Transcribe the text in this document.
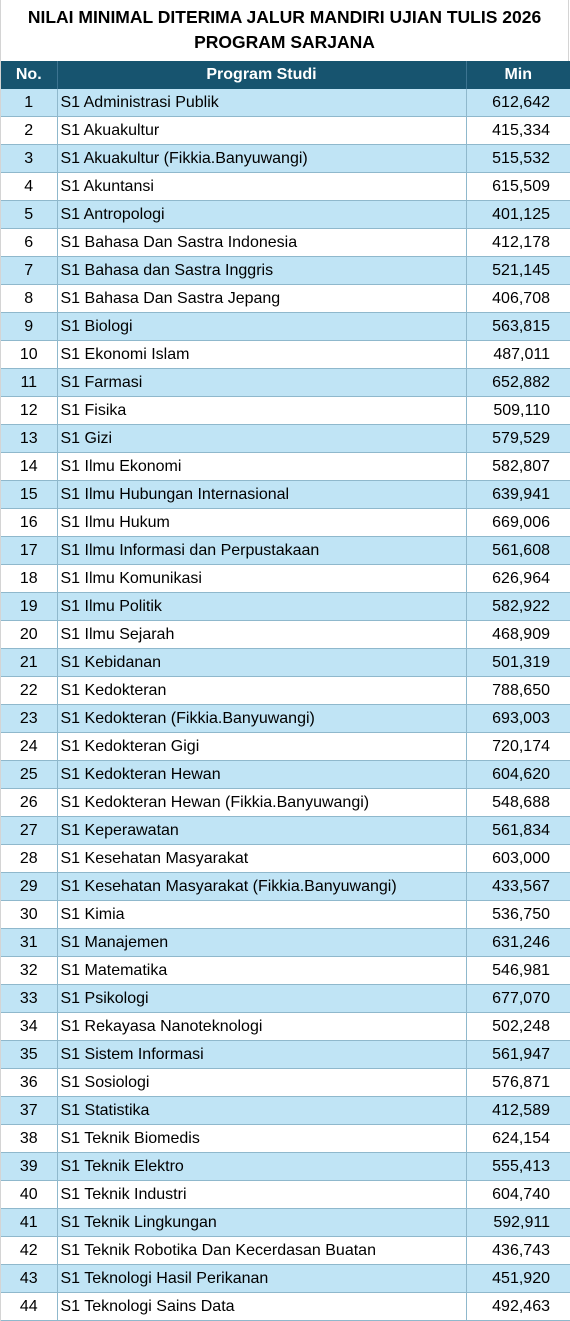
NILAI MINIMAL DITERIMA JALUR MANDIRI UJIAN TULIS 2026
PROGRAM SARJANA
No.	Program Studi	Min
1	S1 Administrasi Publik	612,642
2	S1 Akuakultur	415,334
3	S1 Akuakultur (Fikkia.Banyuwangi)	515,532
4	S1 Akuntansi	615,509
5	S1 Antropologi	401,125
6	S1 Bahasa Dan Sastra Indonesia	412,178
7	S1 Bahasa dan Sastra Inggris	521,145
8	S1 Bahasa Dan Sastra Jepang	406,708
9	S1 Biologi	563,815
10	S1 Ekonomi Islam	487,011
11	S1 Farmasi	652,882
12	S1 Fisika	509,110
13	S1 Gizi	579,529
14	S1 Ilmu Ekonomi	582,807
15	S1 Ilmu Hubungan Internasional	639,941
16	S1 Ilmu Hukum	669,006
17	S1 Ilmu Informasi dan Perpustakaan	561,608
18	S1 Ilmu Komunikasi	626,964
19	S1 Ilmu Politik	582,922
20	S1 Ilmu Sejarah	468,909
21	S1 Kebidanan	501,319
22	S1 Kedokteran	788,650
23	S1 Kedokteran (Fikkia.Banyuwangi)	693,003
24	S1 Kedokteran Gigi	720,174
25	S1 Kedokteran Hewan	604,620
26	S1 Kedokteran Hewan (Fikkia.Banyuwangi)	548,688
27	S1 Keperawatan	561,834
28	S1 Kesehatan Masyarakat	603,000
29	S1 Kesehatan Masyarakat (Fikkia.Banyuwangi)	433,567
30	S1 Kimia	536,750
31	S1 Manajemen	631,246
32	S1 Matematika	546,981
33	S1 Psikologi	677,070
34	S1 Rekayasa Nanoteknologi	502,248
35	S1 Sistem Informasi	561,947
36	S1 Sosiologi	576,871
37	S1 Statistika	412,589
38	S1 Teknik Biomedis	624,154
39	S1 Teknik Elektro	555,413
40	S1 Teknik Industri	604,740
41	S1 Teknik Lingkungan	592,911
42	S1 Teknik Robotika Dan Kecerdasan Buatan	436,743
43	S1 Teknologi Hasil Perikanan	451,920
44	S1 Teknologi Sains Data	492,463
